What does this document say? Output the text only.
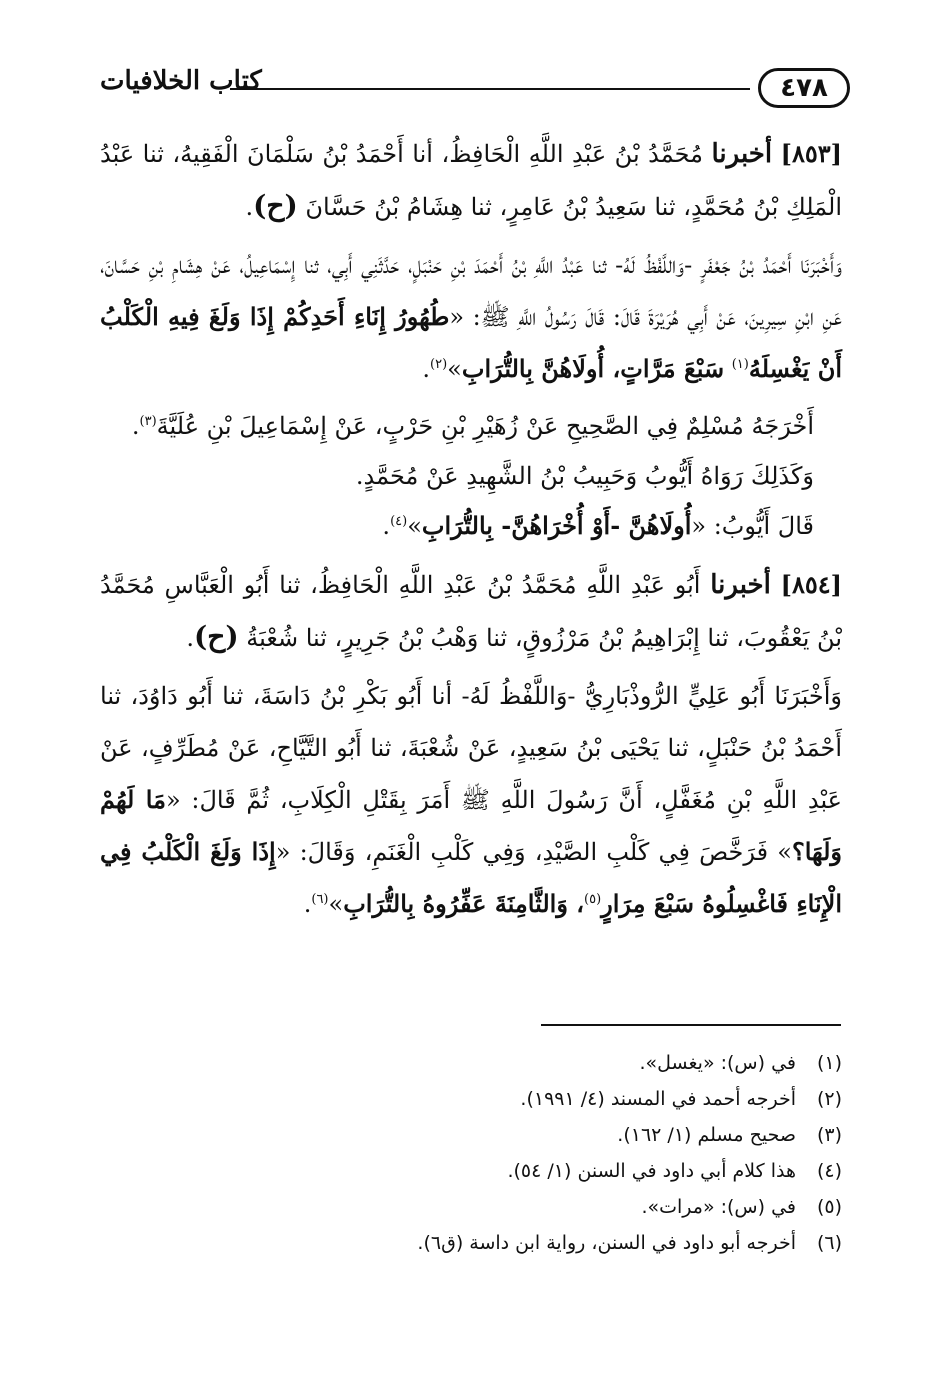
٤٧٨
كتاب الخلافيات

[٨٥٣] أخبرنا مُحَمَّدُ بْنُ عَبْدِ اللَّهِ الْحَافِظُ، أنا أَحْمَدُ بْنُ سَلْمَانَ الْفَقِيهُ، ثنا عَبْدُ الْمَلِكِ بْنُ مُحَمَّدٍ، ثنا سَعِيدُ بْنُ عَامِرٍ، ثنا هِشَامُ بْنُ حَسَّانَ (ح).

وَأَخْبَرَنَا أَحْمَدُ بْنُ جَعْفَرٍ -وَاللَّفْظُ لَهُ- ثنا عَبْدُ اللَّهِ بْنُ أَحْمَدَ بْنِ حَنْبَلٍ، حَدَّثَنِي أَبِي، ثنا إِسْمَاعِيلُ، عَنْ هِشَامِ بْنِ حَسَّانَ، عَنِ ابْنِ سِيرِينَ، عَنْ أَبِي هُرَيْرَةَ قَالَ: قَالَ رَسُولُ اللَّهِ ﷺ: «طُهُورُ إِنَاءِ أَحَدِكُمْ إِذَا وَلَغَ فِيهِ الْكَلْبُ أَنْ يَغْسِلَهُ$^{(١)}$ سَبْعَ مَرَّاتٍ، أُولَاهُنَّ بِالتُّرَابِ»$^{(٢)}$.

أَخْرَجَهُ مُسْلِمٌ فِي الصَّحِيحِ عَنْ زُهَيْرِ بْنِ حَرْبٍ، عَنْ إِسْمَاعِيلَ بْنِ عُلَيَّةَ$^{(٣)}$.

وَكَذَلِكَ رَوَاهُ أَيُّوبُ وَحَبِيبُ بْنُ الشَّهِيدِ عَنْ مُحَمَّدٍ.

قَالَ أَيُّوبُ: «أُولَاهُنَّ -أَوْ أُخْرَاهُنَّ- بِالتُّرَابِ»$^{(٤)}$.

[٨٥٤] أخبرنا أَبُو عَبْدِ اللَّهِ مُحَمَّدُ بْنُ عَبْدِ اللَّهِ الْحَافِظُ، ثنا أَبُو الْعَبَّاسِ مُحَمَّدُ بْنُ يَعْقُوبَ، ثنا إِبْرَاهِيمُ بْنُ مَرْزُوقٍ، ثنا وَهْبُ بْنُ جَرِيرٍ، ثنا شُعْبَةُ (ح).

وَأَخْبَرَنَا أَبُو عَلِيٍّ الرُّوذْبَارِيُّ -وَاللَّفْظُ لَهُ- أنا أَبُو بَكْرِ بْنُ دَاسَةَ، ثنا أَبُو دَاوُدَ، ثنا أَحْمَدُ بْنُ حَنْبَلٍ، ثنا يَحْيَى بْنُ سَعِيدٍ، عَنْ شُعْبَةَ، ثنا أَبُو التَّيَّاحِ، عَنْ مُطَرِّفٍ، عَنْ عَبْدِ اللَّهِ بْنِ مُغَفَّلٍ، أَنَّ رَسُولَ اللَّهِ ﷺ أَمَرَ بِقَتْلِ الْكِلَابِ، ثُمَّ قَالَ: «مَا لَهُمْ وَلَهَا؟» فَرَخَّصَ فِي كَلْبِ الصَّيْدِ، وَفِي كَلْبِ الْغَنَمِ، وَقَالَ: «إِذَا وَلَغَ الْكَلْبُ فِي الْإِنَاءِ فَاغْسِلُوهُ سَبْعَ مِرَارٍ$^{(٥)}$، وَالثَّامِنَةَ عَفِّرُوهُ بِالتُّرَابِ»$^{(٦)}$.

(١)في (س): «يغسل».

(٢)أخرجه أحمد في المسند (٤/ ١٩٩١).

(٣)صحيح مسلم (١/ ١٦٢).

(٤)هذا كلام أبي داود في السنن (١/ ٥٤).

(٥)في (س): «مرات».

(٦)أخرجه أبو داود في السنن، رواية ابن داسة (ق٦).
